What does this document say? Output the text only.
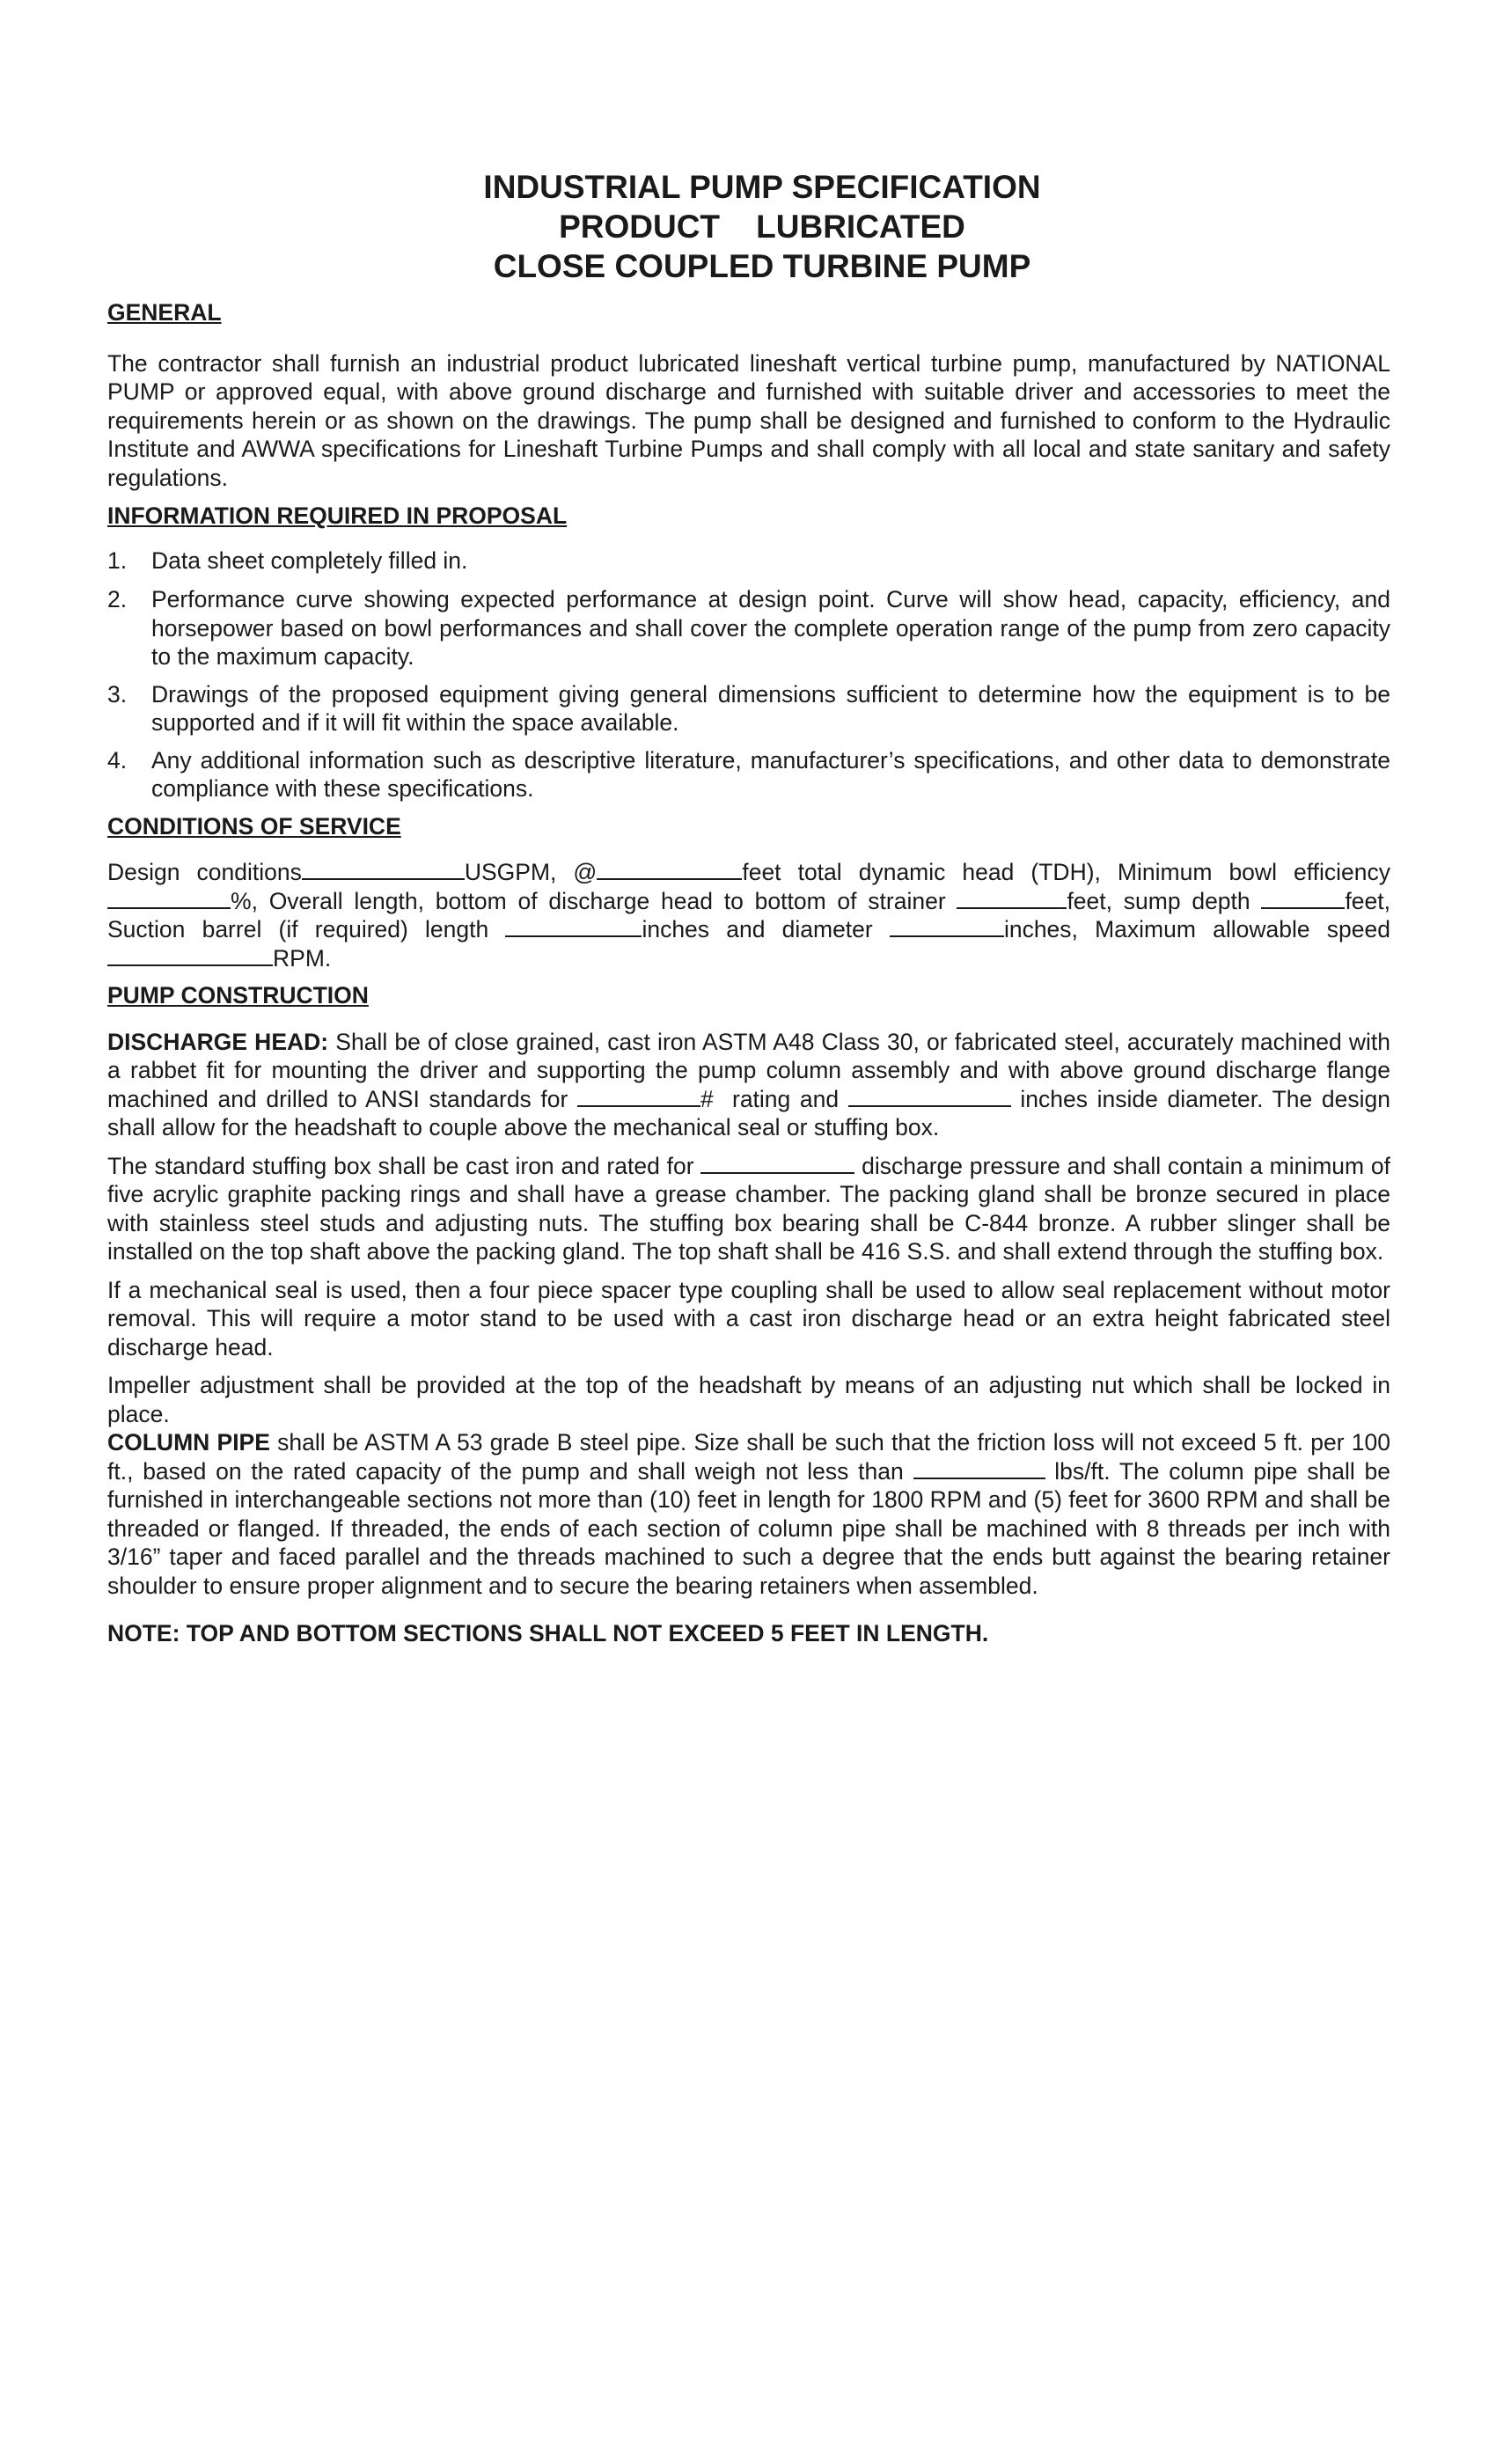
INDUSTRIAL PUMP SPECIFICATION
PRODUCT    LUBRICATED
CLOSE COUPLED TURBINE PUMP
GENERAL

The contractor shall furnish an industrial product lubricated lineshaft vertical turbine pump, manufactured by NATIONAL PUMP or approved equal, with above ground discharge and furnished with suitable driver and accessories to meet the requirements herein or as shown on the drawings. The pump shall be designed and furnished to conform to the Hydraulic Institute and AWWA specifications for Lineshaft Turbine Pumps and shall comply with all local and state sanitary and safety regulations.

INFORMATION REQUIRED IN PROPOSAL
1. Data sheet completely filled in.
2. Performance curve showing expected performance at design point. Curve will show head, capacity, efficiency, and horsepower based on bowl performances and shall cover the complete operation range of the pump from zero capacity to the maximum capacity.
3. Drawings of the proposed equipment giving general dimensions sufficient to determine how the equipment is to be supported and if it will fit within the space available.
4. Any additional information such as descriptive literature, manufacturer’s specifications, and other data to demonstrate compliance with these specifications.
CONDITIONS OF SERVICE

Design conditions	USGPM, @	feet total dynamic head (TDH), Minimum bowl efficiency %, Overall length, bottom of discharge head to bottom of strainer	feet, sump depth	feet, Suction barrel (if required) length	inches and diameter	inches, Maximum allowable speed RPM.

PUMP CONSTRUCTION

DISCHARGE HEAD: Shall be of close grained, cast iron ASTM A48 Class 30, or fabricated steel, accurately machined with a rabbet fit for mounting the driver and supporting the pump column assembly and with above ground discharge flange machined and drilled to ANSI standards for	#  rating and	inches inside diameter. The design shall allow for the headshaft to couple above the mechanical seal or stuffing box.

The standard stuffing box shall be cast iron and rated for	discharge pressure and shall contain a minimum of five acrylic graphite packing rings and shall have a grease chamber. The packing gland shall be bronze secured in place with stainless steel studs and adjusting nuts. The stuffing box bearing shall be C-844 bronze. A rubber slinger shall be installed on the top shaft above the packing gland. The top shaft shall be 416 S.S. and shall extend through the stuffing box.

If a mechanical seal is used, then a four piece spacer type coupling shall be used to allow seal replacement without motor removal. This will require a motor stand to be used with a cast iron discharge head or an extra height fabricated steel discharge head.

Impeller adjustment shall be provided at the top of the headshaft by means of an adjusting nut which shall be locked in place.

COLUMN PIPE shall be ASTM A 53 grade B steel pipe. Size shall be such that the friction loss will not exceed 5 ft. per 100 ft., based on the rated capacity of the pump and shall weigh not less than	lbs/ft. The column pipe shall be furnished in interchangeable sections not more than (10) feet in length for 1800 RPM and (5) feet for 3600 RPM and shall be threaded or flanged. If threaded, the ends of each section of column pipe shall be machined with 8 threads per inch with 3/16” taper and faced parallel and the threads machined to such a degree that the ends butt against the bearing retainer shoulder to ensure proper alignment and to secure the bearing retainers when assembled.

NOTE: TOP AND BOTTOM SECTIONS SHALL NOT EXCEED 5 FEET IN LENGTH.
